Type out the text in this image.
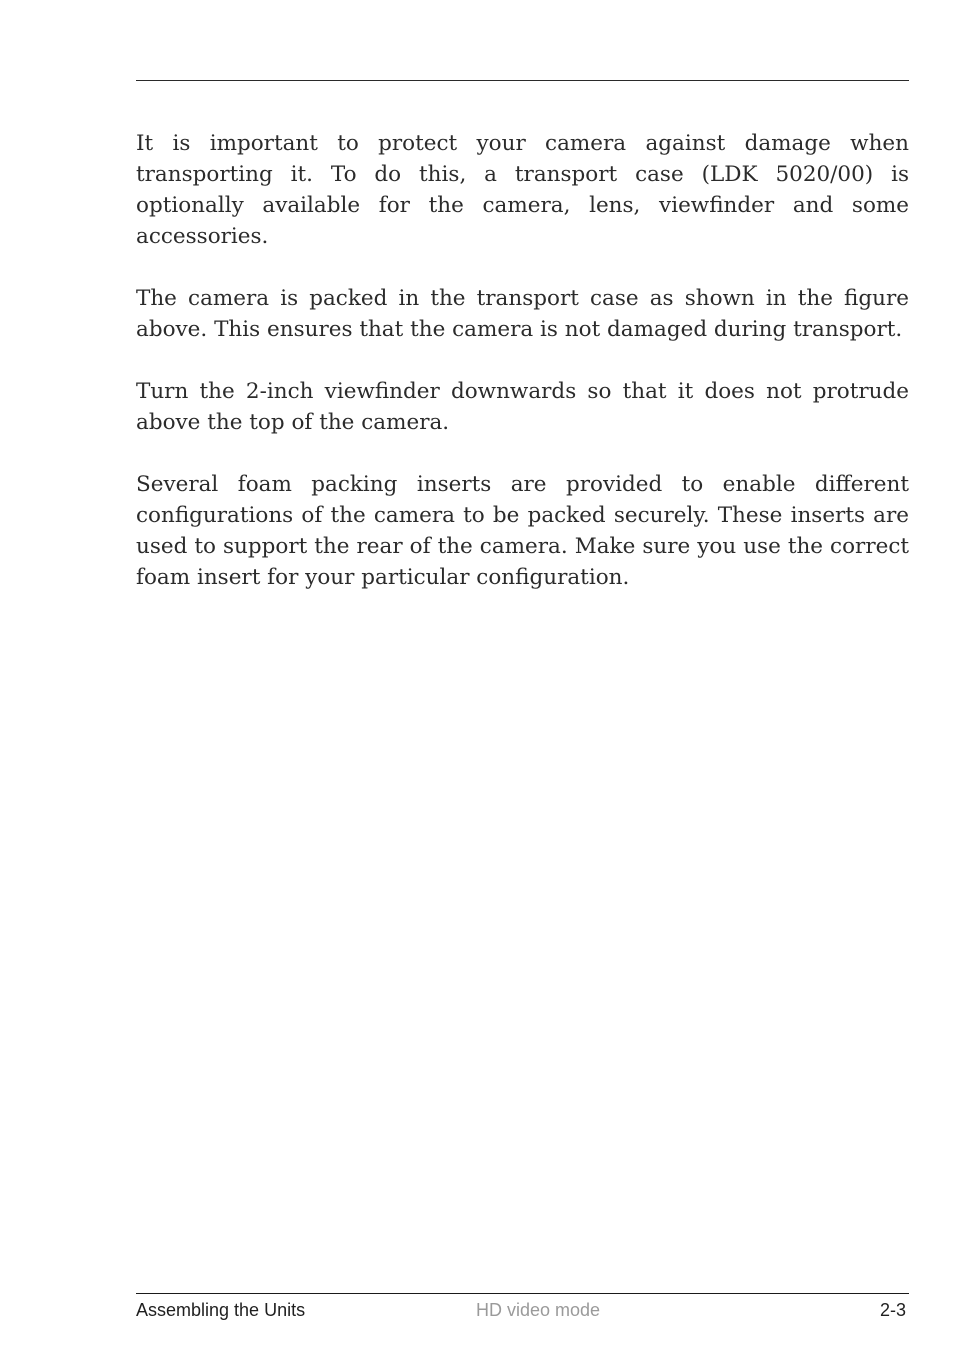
It is important to protect your camera against damage when transporting it. To do this, a transport case (LDK 5020/00) is optionally available for the camera, lens, viewfinder and some accessories.

The camera is packed in the transport case as shown in the figure above. This ensures that the camera is not damaged during transport.

Turn the 2-inch viewfinder downwards so that it does not protrude above the top of the camera.

Several foam packing inserts are provided to enable different configurations of the camera to be packed securely. These inserts are used to support the rear of the camera. Make sure you use the correct foam insert for your particular configuration.

Assembling the Units	HD video mode	2-3
